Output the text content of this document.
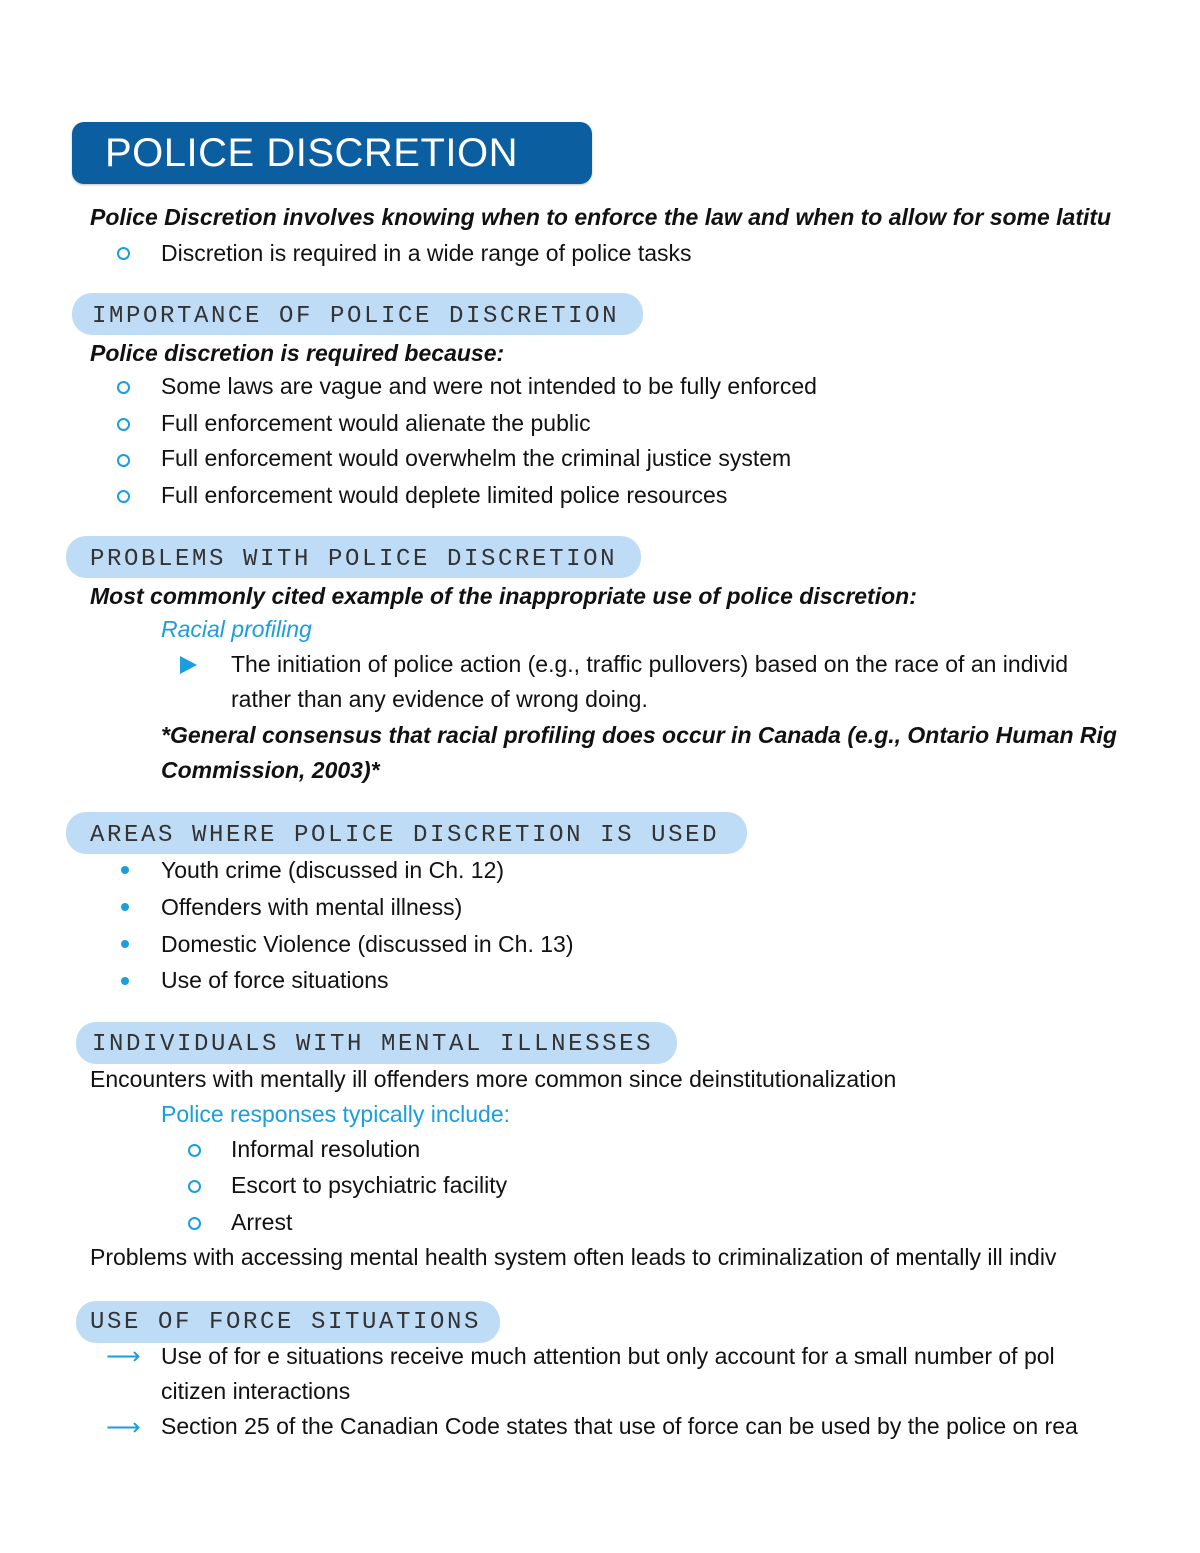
POLICE DISCRETION
Police Discretion involves knowing when to enforce the law and when to allow for some latitu
Discretion is required in a wide range of police tasks
IMPORTANCE OF POLICE DISCRETION
Police discretion is required because:
Some laws are vague and were not intended to be fully enforced
Full enforcement would alienate the public
Full enforcement would overwhelm the criminal justice system
Full enforcement would deplete limited police resources
PROBLEMS WITH POLICE DISCRETION
Most commonly cited example of the inappropriate use of police discretion:
Racial profiling
The initiation of police action (e.g., traffic pullovers) based on the race of an individ
rather than any evidence of wrong doing.
*General consensus that racial profiling does occur in Canada (e.g., Ontario Human Rig
Commission, 2003)*
AREAS WHERE POLICE DISCRETION IS USED
Youth crime (discussed in Ch. 12)
Offenders with mental illness)
Domestic Violence (discussed in Ch. 13)
Use of force situations
INDIVIDUALS WITH MENTAL ILLNESSES
Encounters with mentally ill offenders more common since deinstitutionalization
Police responses typically include:
Informal resolution
Escort to psychiatric facility
Arrest
Problems with accessing mental health system often leads to criminalization of mentally ill indiv
USE OF FORCE SITUATIONS
⟶ Use of for e situations receive much attention but only account for a small number of pol
citizen interactions
⟶ Section 25 of the Canadian Code states that use of force can be used by the police on rea
